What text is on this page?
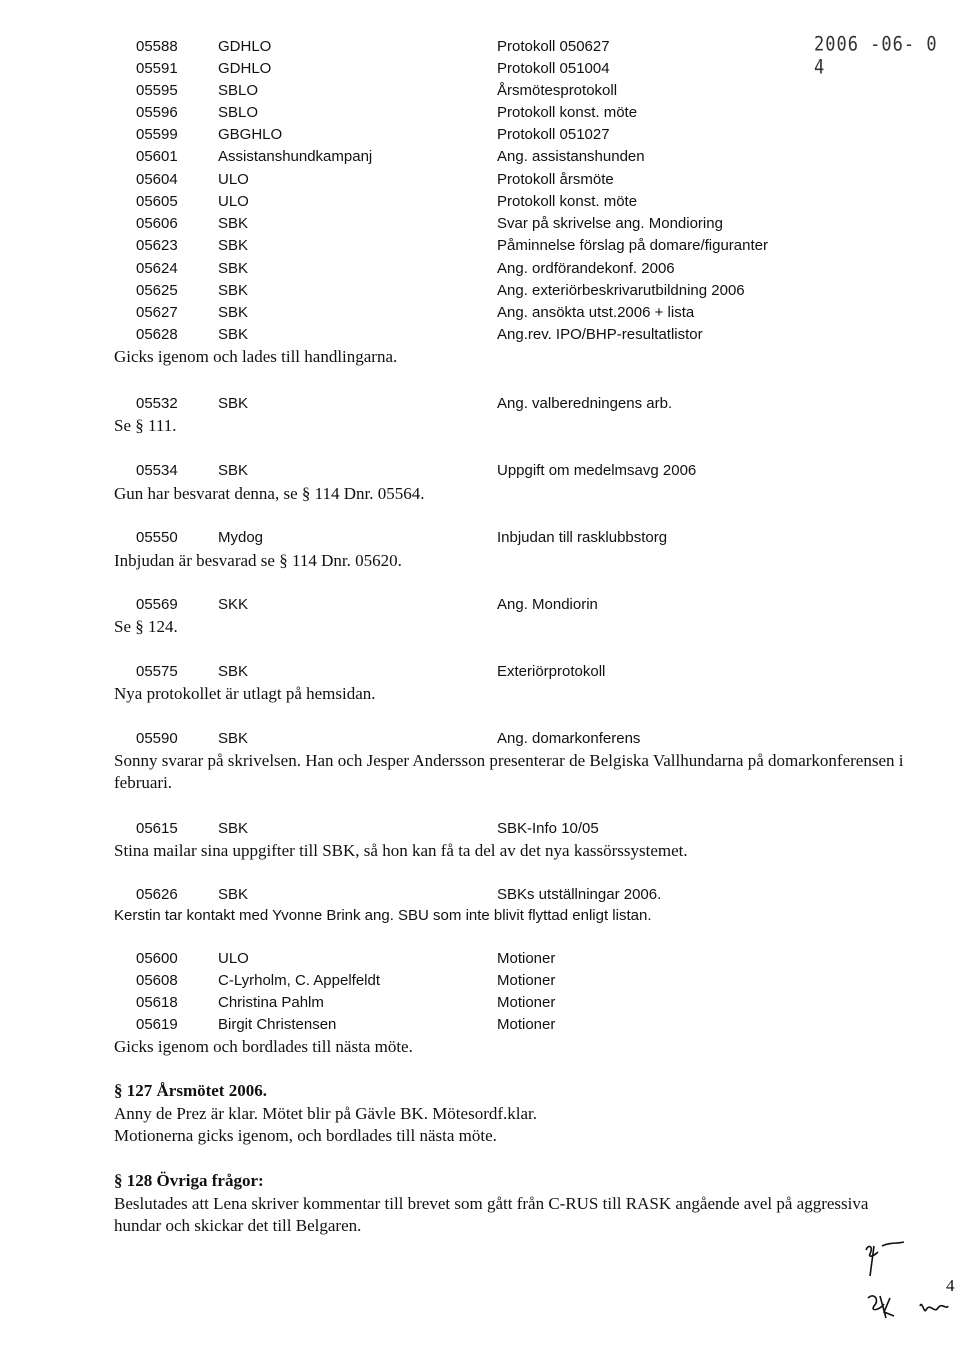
2006 -06- 0 4
05588	GDHLO	Protokoll 050627
05591	GDHLO	Protokoll 051004
05595	SBLO	Årsmötesprotokoll
05596	SBLO	Protokoll konst. möte
05599	GBGHLO	Protokoll 051027
05601	Assistanshundkampanj	Ang. assistanshunden
05604	ULO	Protokoll årsmöte
05605	ULO	Protokoll konst. möte
05606	SBK	Svar på skrivelse ang. Mondioring
05623	SBK	Påminnelse förslag på domare/figuranter
05624	SBK	Ang. ordförandekonf. 2006
05625	SBK	Ang. exteriörbeskrivarutbildning 2006
05627	SBK	Ang. ansökta utst.2006 + lista
05628	SBK	Ang.rev. IPO/BHP-resultatlistor
Gicks igenom och lades till handlingarna.
05532	SBK	Ang. valberedningens arb.
Se § 111.
05534	SBK	Uppgift om medelmsavg 2006
Gun har besvarat denna, se § 114 Dnr. 05564.
05550	Mydog	Inbjudan till rasklubbstorg
Inbjudan är besvarad se § 114 Dnr. 05620.
05569	SKK	Ang. Mondiorin
Se § 124.
05575	SBK	Exteriörprotokoll
Nya protokollet är utlagt på hemsidan.
05590	SBK	Ang. domarkonferens
Sonny svarar på skrivelsen. Han och Jesper Andersson presenterar de Belgiska Vallhundarna på domarkonferensen i februari.
05615	SBK	SBK-Info 10/05
Stina mailar sina uppgifter till SBK, så hon kan få ta del av det nya kassörssystemet.
05626	SBK	SBKs utställningar 2006.
Kerstin tar kontakt med Yvonne Brink ang. SBU som inte blivit flyttad enligt listan.
05600	ULO	Motioner
05608	C-Lyrholm, C. Appelfeldt	Motioner
05618	Christina Pahlm	Motioner
05619	Birgit Christensen	Motioner
Gicks igenom och bordlades till nästa möte.
§ 127 Årsmötet 2006.
Anny de Prez är klar. Mötet blir på Gävle BK. Mötesordf.klar.
Motionerna gicks igenom, och bordlades till nästa möte.
§ 128 Övriga frågor:
Beslutades att Lena skriver kommentar till brevet som gått från C-RUS till RASK angående avel på aggressiva hundar och skickar det till Belgaren.
4
